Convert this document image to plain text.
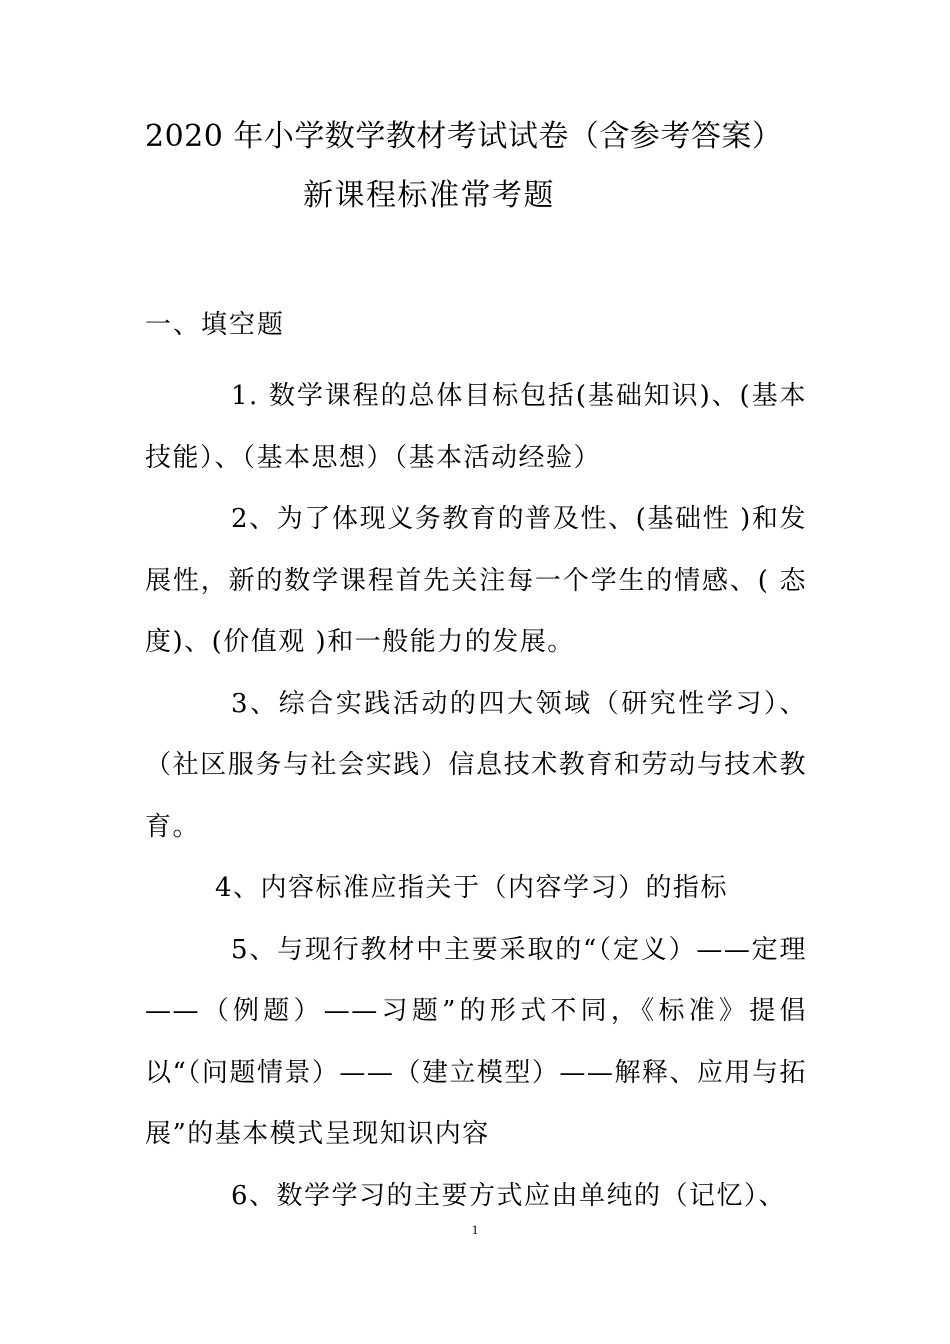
2020 年小学数学教材考试试卷（含参考答案）
新课程标准常考题
一、填空题

1. 数学课程的总体目标包括(基础知识)、(基本技能）、（基本思想）（基本活动经验）

2、为了体现义务教育的普及性、(基础性 )和发展性，新的数学课程首先关注每一个学生的情感、( 态度)、(价值观 )和一般能力的发展。

3、综合实践活动的四大领域（研究性学习）、（社区服务与社会实践）信息技术教育和劳动与技术教育。

4、内容标准应指关于（内容学习）的指标

5、与现行教材中主要采取的“（定义）——定理——（例题）——习题”的形式不同，《标准》提倡以“（问题情景）——（建立模型）——解释、应用与拓展”的基本模式呈现知识内容

6、数学学习的主要方式应由单纯的（记忆）、

1
